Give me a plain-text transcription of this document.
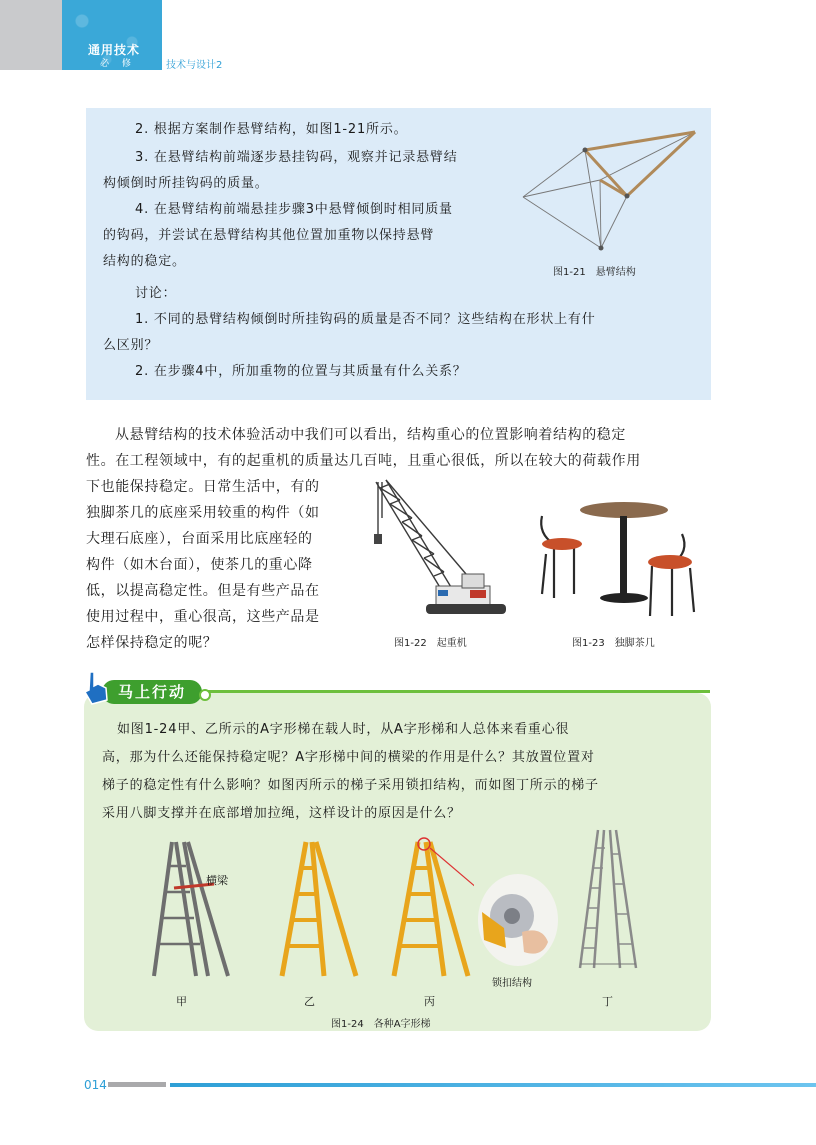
通用技术
必 修	技术与设计2
2. 根据方案制作悬臂结构，如图1-21所示。
3. 在悬臂结构前端逐步悬挂钩码，观察并记录悬臂结
构倾倒时所挂钩码的质量。
4. 在悬臂结构前端悬挂步骤3中悬臂倾倒时相同质量
的钩码，并尝试在悬臂结构其他位置加重物以保持悬臂
结构的稳定。
讨论：
1. 不同的悬臂结构倾倒时所挂钩码的质量是否不同？这些结构在形状上有什
么区别？
2. 在步骤4中，所加重物的位置与其质量有什么关系？
图1-21　悬臂结构
从悬臂结构的技术体验活动中我们可以看出，结构重心的位置影响着结构的稳定
性。在工程领域中，有的起重机的质量达几百吨，且重心很低，所以在较大的荷载作用
下也能保持稳定。日常生活中，有的
独脚茶几的底座采用较重的构件（如
大理石底座），台面采用比底座轻的
构件（如木台面），使茶几的重心降
低，以提高稳定性。但是有些产品在
使用过程中，重心很高，这些产品是
怎样保持稳定的呢？	图1-22　起重机	图1-23　独脚茶几
马上行动
如图1-24甲、乙所示的A字形梯在载人时，从A字形梯和人总体来看重心很
高，那为什么还能保持稳定呢？A字形梯中间的横梁的作用是什么？其放置位置对
梯子的稳定性有什么影响？如图丙所示的梯子采用锁扣结构，而如图丁所示的梯子
采用八脚支撑并在底部增加拉绳，这样设计的原因是什么？
横梁
锁扣结构
甲	乙	丙	丁
图1-24　各种A字形梯
014
